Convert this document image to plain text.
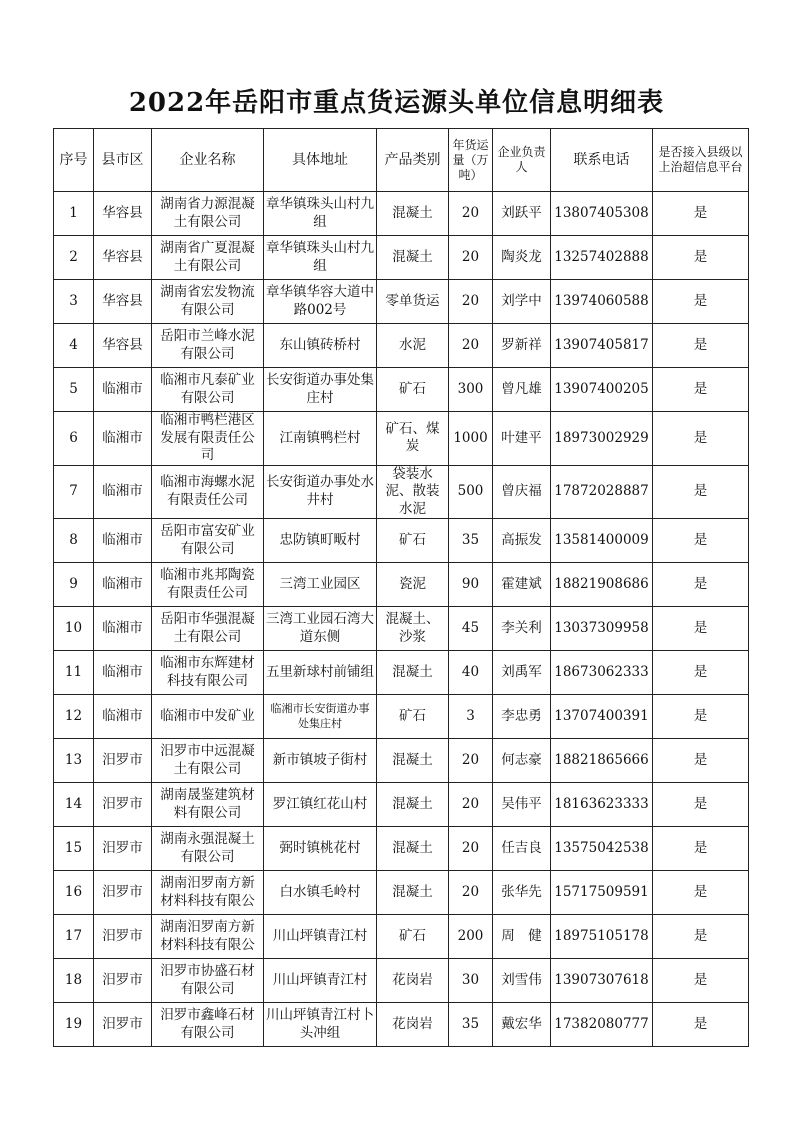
2022年岳阳市重点货运源头单位信息明细表
序号	县市区	企业名称	具体地址	产品类别	年货运量（万吨）	企业负责人	联系电话	是否接入县级以上治超信息平台
1	华容县	湖南省力源混凝土有限公司	章华镇珠头山村九组	混凝土	20	刘跃平	13807405308	是
2	华容县	湖南省广夏混凝土有限公司	章华镇珠头山村九组	混凝土	20	陶炎龙	13257402888	是
3	华容县	湖南省宏发物流有限公司	章华镇华容大道中路002号	零单货运	20	刘学中	13974060588	是
4	华容县	岳阳市兰峰水泥有限公司	东山镇砖桥村	水泥	20	罗新祥	13907405817	是
5	临湘市	临湘市凡泰矿业有限公司	长安街道办事处集庄村	矿石	300	曾凡雄	13907400205	是
6	临湘市	临湘市鸭栏港区发展有限责任公司	江南镇鸭栏村	矿石、煤炭	1000	叶建平	18973002929	是
7	临湘市	临湘市海螺水泥有限责任公司	长安街道办事处水井村	袋装水泥、散装水泥	500	曾庆福	17872028887	是
8	临湘市	岳阳市富安矿业有限公司	忠防镇町畈村	矿石	35	高振发	13581400009	是
9	临湘市	临湘市兆邦陶瓷有限责任公司	三湾工业园区	瓷泥	90	霍建斌	18821908686	是
10	临湘市	岳阳市华强混凝土有限公司	三湾工业园石湾大道东侧	混凝土、沙浆	45	李关利	13037309958	是
11	临湘市	临湘市东辉建材科技有限公司	五里新球村前铺组	混凝土	40	刘禹军	18673062333	是
12	临湘市	临湘市中发矿业	临湘市长安街道办事处集庄村	矿石	3	李忠勇	13707400391	是
13	汨罗市	汨罗市中远混凝土有限公司	新市镇坡子街村	混凝土	20	何志豪	18821865666	是
14	汨罗市	湖南晟鉴建筑材料有限公司	罗江镇红花山村	混凝土	20	吴伟平	18163623333	是
15	汨罗市	湖南永强混凝土有限公司	弼时镇桃花村	混凝土	20	任吉良	13575042538	是
16	汨罗市	湖南汨罗南方新材料科技有限公	白水镇毛岭村	混凝土	20	张华先	15717509591	是
17	汨罗市	湖南汨罗南方新材料科技有限公	川山坪镇青江村	矿石	200	周　健	18975105178	是
18	汨罗市	汨罗市协盛石材有限公司	川山坪镇青江村	花岗岩	30	刘雪伟	13907307618	是
19	汨罗市	汨罗市鑫峰石材有限公司	川山坪镇青江村卜头冲组	花岗岩	35	戴宏华	17382080777	是
